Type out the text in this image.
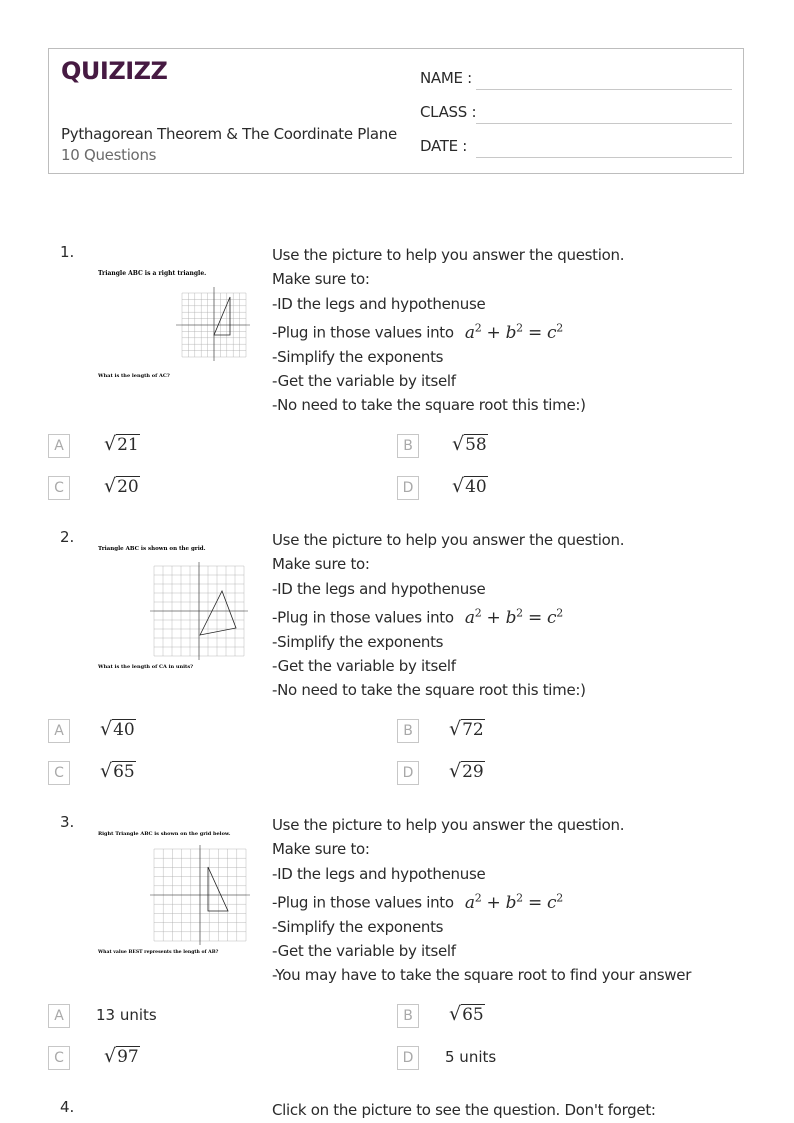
QUIZIZZ
Pythagorean Theorem & The Coordinate Plane
10 Questions
NAME :
CLASS :
DATE :
1.
Triangle ABC is a right triangle.
What is the length of AC?
Use the picture to help you answer the question.
Make sure to:
-ID the legs and hypothenuse
-Plug in those values into $a^2 + b^2 = c^2$
-Simplify the exponents
-Get the variable by itself
-No need to take the square root this time:)
A	√21	B	√58
C	√20	D √40
2.
Triangle ABC is shown on the grid.
What is the length of CA in units?
Use the picture to help you answer the question.
Make sure to:
-ID the legs and hypothenuse
-Plug in those values into $a^2 + b^2 = c^2$
-Simplify the exponents
-Get the variable by itself
-No need to take the square root this time:)
A	√40	B	√72
C	√65	D √29
3.
Right Triangle ABC is shown on the grid below.
What value BEST represents the length of AB?
Use the picture to help you answer the question.
Make sure to:
-ID the legs and hypothenuse
-Plug in those values into $a^2 + b^2 = c^2$
-Simplify the exponents
-Get the variable by itself
-You may have to take the square root to find your answer
A	13 units	B	√65
C	√97	D	5 units
4.	Click on the picture to see the question. Don't forget:
